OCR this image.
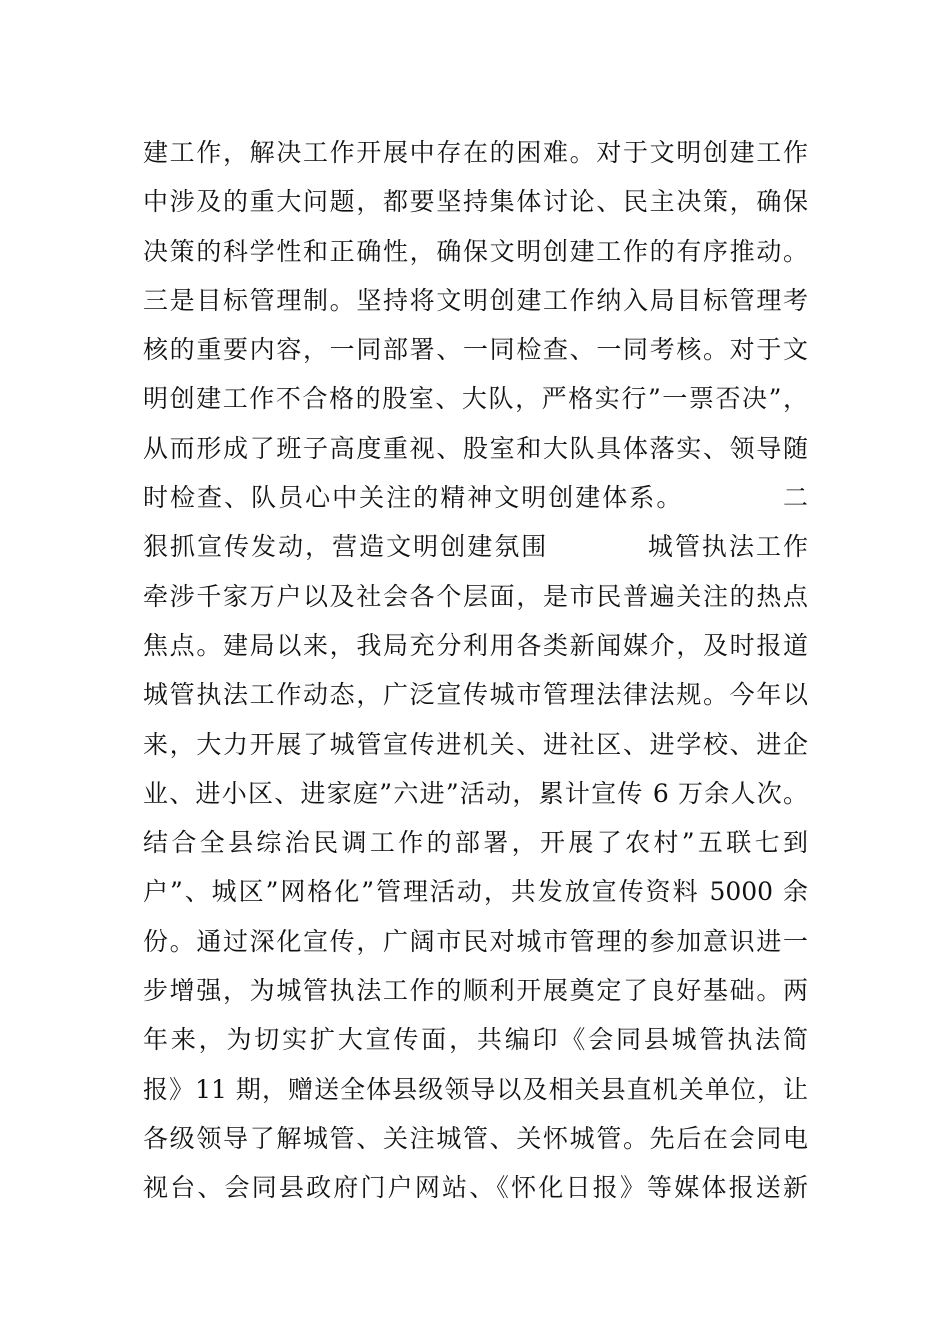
建工作，解决工作开展中存在的困难。对于文明创建工作
中涉及的重大问题，都要坚持集体讨论、民主决策，确保
决策的科学性和正确性，确保文明创建工作的有序推动。
三是目标管理制。坚持将文明创建工作纳入局目标管理考
核的重要内容，一同部署、一同检查、一同考核。对于文
明创建工作不合格的股室、大队，严格实行”一票否决”，
从而形成了班子高度重视、股室和大队具体落实、领导随
时检查、队员心中关注的精神文明创建体系。          二
狠抓宣传发动，营造文明创建氛围          城管执法工作
牵涉千家万户以及社会各个层面，是市民普遍关注的热点
焦点。建局以来，我局充分利用各类新闻媒介，及时报道
城管执法工作动态，广泛宣传城市管理法律法规。今年以
来，大力开展了城管宣传进机关、进社区、进学校、进企
业、进小区、进家庭”六进”活动，累计宣传 6 万余人次。
结合全县综治民调工作的部署，开展了农村”五联七到
户”、城区”网格化”管理活动，共发放宣传资料 5000 余
份。通过深化宣传，广阔市民对城市管理的参加意识进一
步增强，为城管执法工作的顺利开展奠定了良好基础。两
年来，为切实扩大宣传面，共编印《会同县城管执法简
报》11 期，赠送全体县级领导以及相关县直机关单位，让
各级领导了解城管、关注城管、关怀城管。先后在会同电
视台、会同县政府门户网站、《怀化日报》等媒体报送新
